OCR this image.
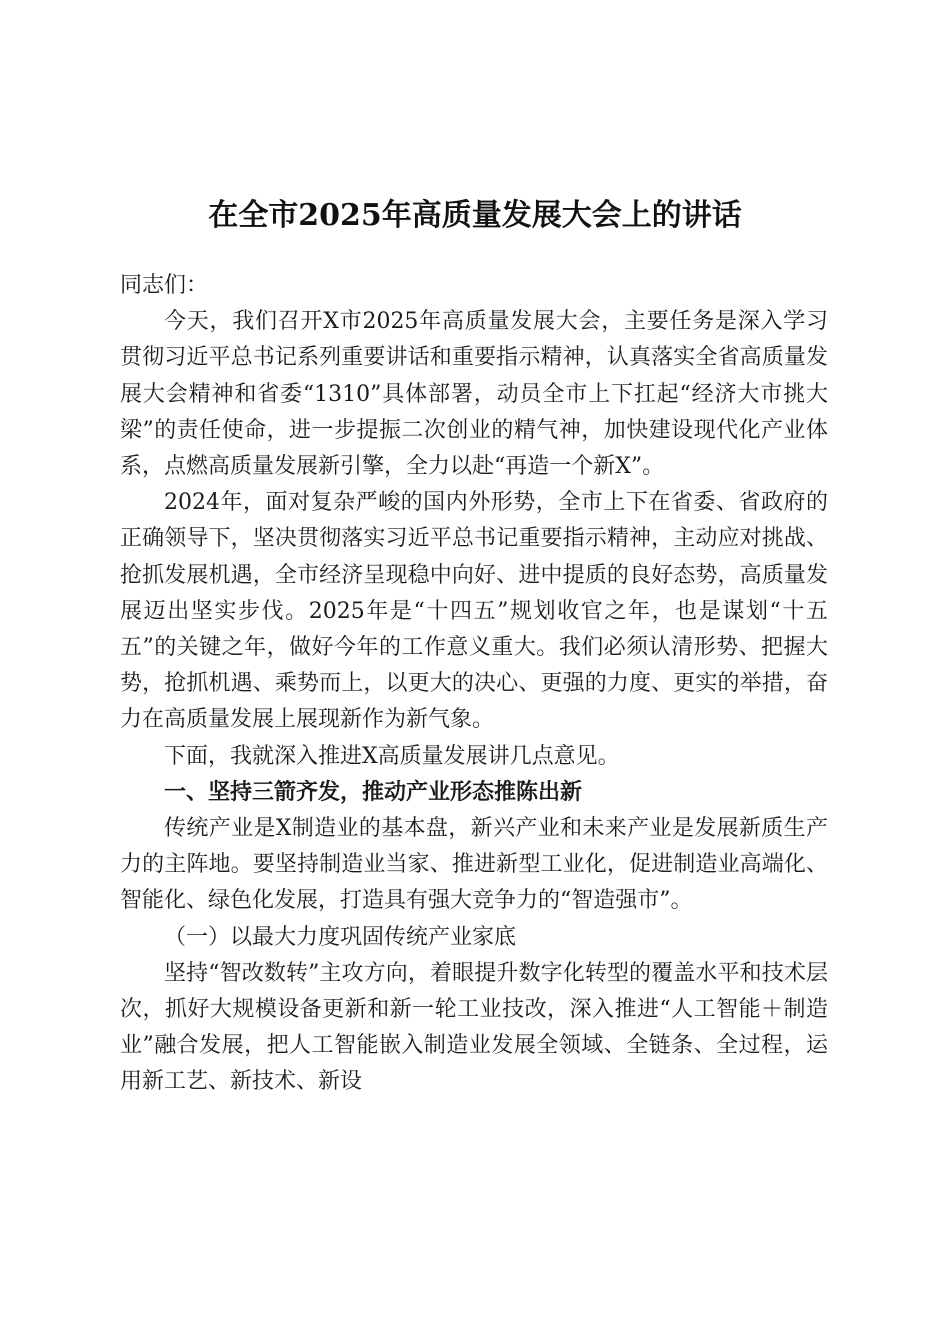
在全市2025年高质量发展大会上的讲话

同志们：

今天，我们召开X市2025年高质量发展大会，主要任务是深入学习贯彻习近平总书记系列重要讲话和重要指示精神，认真落实全省高质量发展大会精神和省委“1310”具体部署，动员全市上下扛起“经济大市挑大梁”的责任使命，进一步提振二次创业的精气神，加快建设现代化产业体系，点燃高质量发展新引擎，全力以赴“再造一个新X”。

2024年，面对复杂严峻的国内外形势，全市上下在省委、省政府的正确领导下，坚决贯彻落实习近平总书记重要指示精神，主动应对挑战、抢抓发展机遇，全市经济呈现稳中向好、进中提质的良好态势，高质量发展迈出坚实步伐。2025年是“十四五”规划收官之年，也是谋划“十五五”的关键之年，做好今年的工作意义重大。我们必须认清形势、把握大势，抢抓机遇、乘势而上，以更大的决心、更强的力度、更实的举措，奋力在高质量发展上展现新作为新气象。

下面，我就深入推进X高质量发展讲几点意见。

一、坚持三箭齐发，推动产业形态推陈出新

传统产业是X制造业的基本盘，新兴产业和未来产业是发展新质生产力的主阵地。要坚持制造业当家、推进新型工业化，促进制造业高端化、智能化、绿色化发展，打造具有强大竞争力的“智造强市”。

（一）以最大力度巩固传统产业家底

坚持“智改数转”主攻方向，着眼提升数字化转型的覆盖水平和技术层次，抓好大规模设备更新和新一轮工业技改，深入推进“人工智能＋制造业”融合发展，把人工智能嵌入制造业发展全领域、全链条、全过程，运用新工艺、新技术、新设
